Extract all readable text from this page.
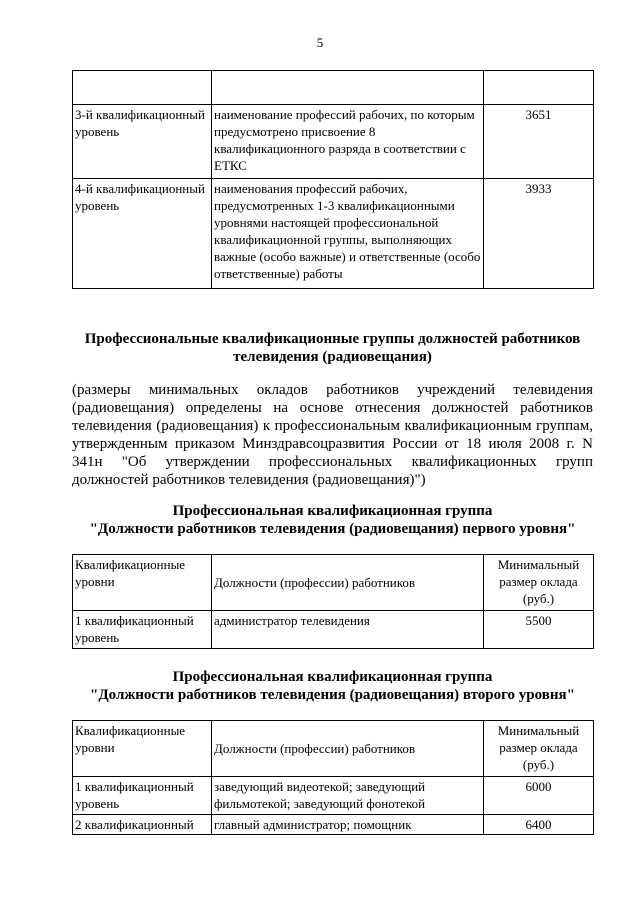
5

3-й квалификационный уровень	наименование профессий рабочих, по которым предусмотрено присвоение 8 квалификационного разряда в соответствии с ЕТКС	3651
4-й квалификационный уровень	наименования профессий рабочих, предусмотренных 1-3 квалификационными уровнями настоящей профессиональной квалификационной группы, выполняющих важные (особо важные) и ответственные (особо ответственные) работы	3933
Профессиональные квалификационные группы должностей работников телевидения (радиовещания)
(размеры минимальных окладов работников учреждений телевидения (радиовещания) определены на основе отнесения должностей работников телевидения (радиовещания) к профессиональным квалификационным группам, утвержденным приказом Минздравсоцразвития России от 18 июля 2008 г. N 341н "Об утверждении профессиональных квалификационных групп должностей работников телевидения (радиовещания)")
Профессиональная квалификационная группа
"Должности работников телевидения (радиовещания) первого уровня"
Квалификационные уровни	Должности (профессии) работников	Минимальный размер оклада (руб.)
1 квалификационный уровень	администратор телевидения	5500
Профессиональная квалификационная группа
"Должности работников телевидения (радиовещания) второго уровня"
Квалификационные уровни	Должности (профессии) работников	Минимальный размер оклада (руб.)
1 квалификационный уровень	заведующий видеотекой; заведующий фильмотекой; заведующий фонотекой	6000
2 квалификационный	главный администратор; помощник	6400
